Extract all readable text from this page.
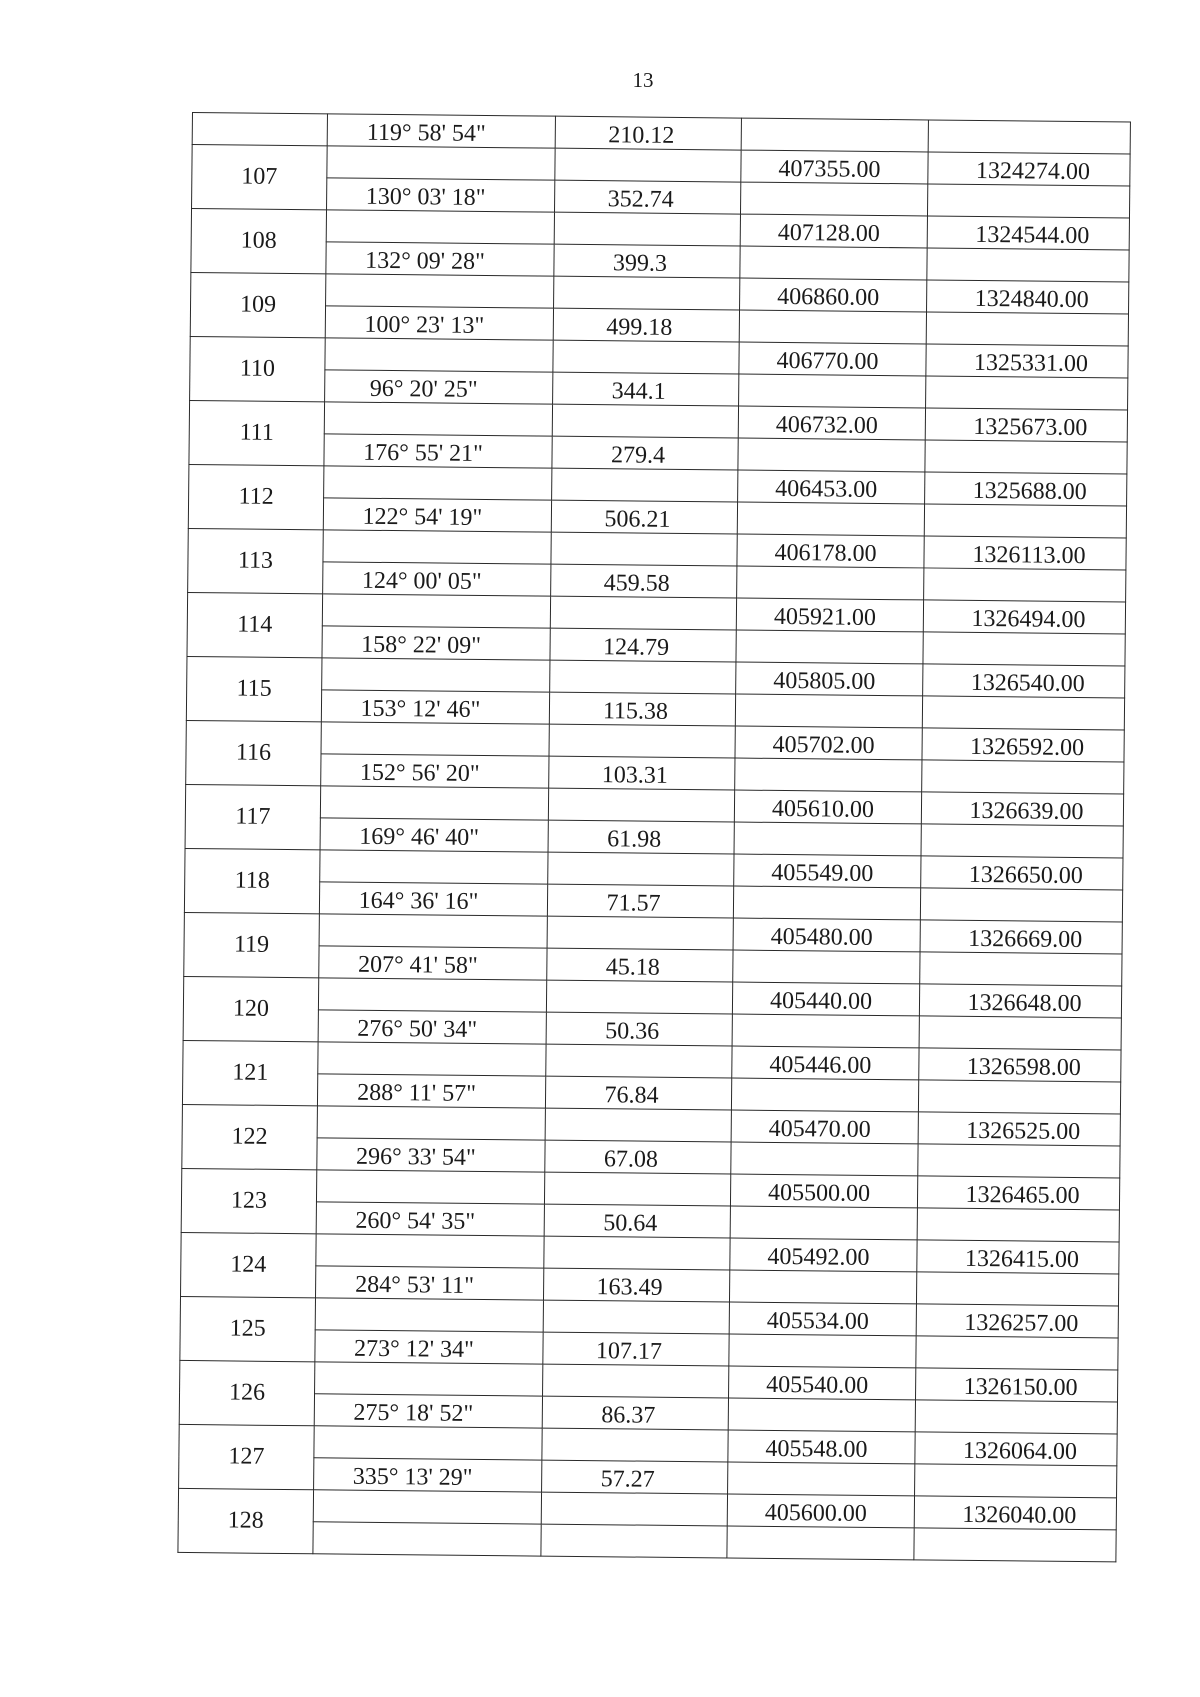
13

	119° 58' 54"	210.12		

107			407355.00	1324274.00

	130° 03' 18"	352.74		

108			407128.00	1324544.00

	132° 09' 28"	399.3		

109			406860.00	1324840.00

	100° 23' 13"	499.18		

110			406770.00	1325331.00

	96° 20' 25"	344.1		

111			406732.00	1325673.00

	176° 55' 21"	279.4		

112			406453.00	1325688.00

	122° 54' 19"	506.21		

113			406178.00	1326113.00

	124° 00' 05"	459.58		

114			405921.00	1326494.00

	158° 22' 09"	124.79		

115			405805.00	1326540.00

	153° 12' 46"	115.38		

116			405702.00	1326592.00

	152° 56' 20"	103.31		

117			405610.00	1326639.00

	169° 46' 40"	61.98		

118			405549.00	1326650.00

	164° 36' 16"	71.57		

119			405480.00	1326669.00

	207° 41' 58"	45.18		

120			405440.00	1326648.00

	276° 50' 34"	50.36		

121			405446.00	1326598.00

	288° 11' 57"	76.84		

122			405470.00	1326525.00

	296° 33' 54"	67.08		

123			405500.00	1326465.00

	260° 54' 35"	50.64		

124			405492.00	1326415.00

	284° 53' 11"	163.49		

125			405534.00	1326257.00

	273° 12' 34"	107.17		

126			405540.00	1326150.00

	275° 18' 52"	86.37		

127			405548.00	1326064.00

	335° 13' 29"	57.27		

128			405600.00	1326040.00
